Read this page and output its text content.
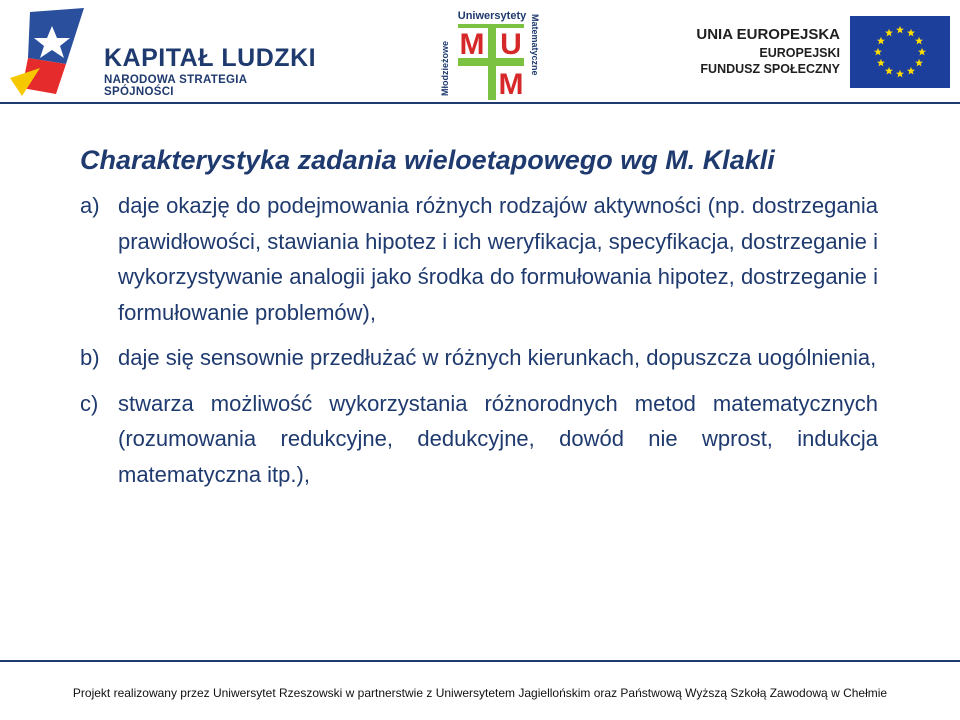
KAPITAŁ LUDZKI
NARODOWA STRATEGIA SPÓJNOŚCI
Uniwersytety
Młodzieżowe	Matematyczne
M U
M
UNIA EUROPEJSKA
EUROPEJSKI
FUNDUSZ SPOŁECZNY
Charakterystyka zadania wieloetapowego wg M. Klakli
a) daje okazję do podejmowania różnych rodzajów aktywności (np. dostrzegania prawidłowości, stawiania hipotez i ich weryfikacja, specyfikacja, dostrzeganie i wykorzystywanie analogii jako środka do formułowania hipotez, dostrzeganie i formułowanie problemów),
b) daje się sensownie przedłużać w różnych kierunkach, dopuszcza uogólnienia,
c) stwarza możliwość wykorzystania różnorodnych metod matematycznych (rozumowania redukcyjne, dedukcyjne, dowód nie wprost, indukcja matematyczna itp.),
Projekt realizowany przez Uniwersytet Rzeszowski w partnerstwie z Uniwersytetem Jagiellońskim oraz Państwową Wyższą Szkołą Zawodową w Chełmie
